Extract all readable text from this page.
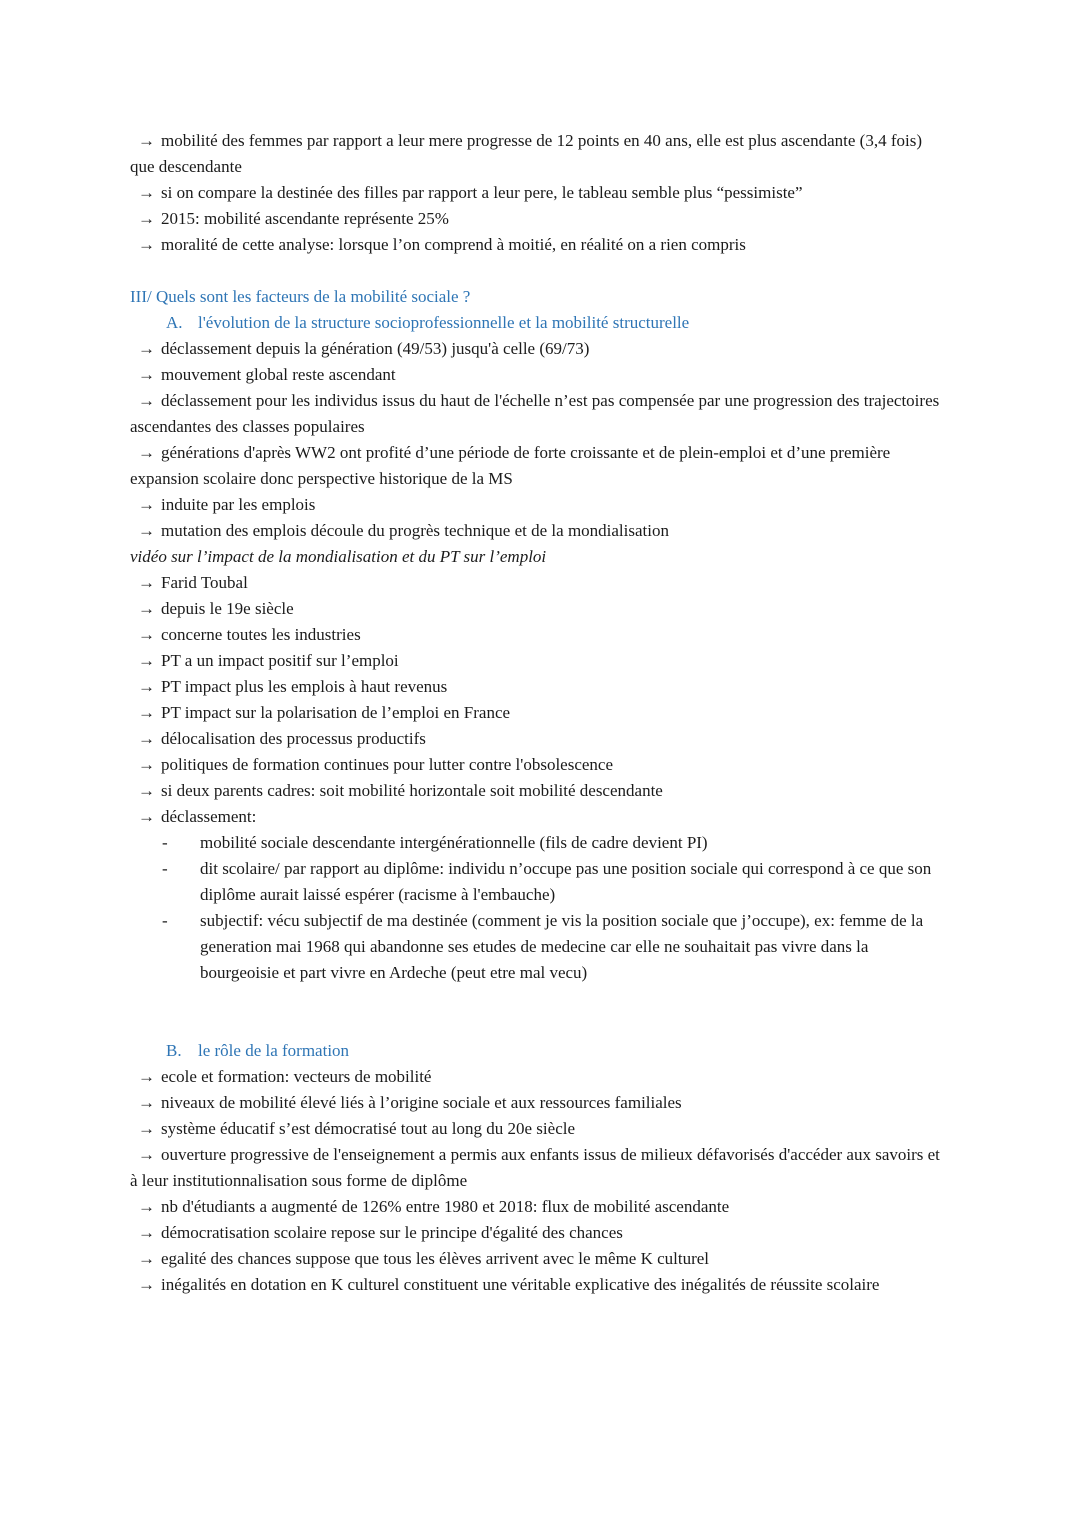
→ mobilité des femmes par rapport a leur mere progresse de 12 points en 40 ans, elle est plus ascendante (3,4 fois) que descendante

→ si on compare la destinée des filles par rapport a leur pere, le tableau semble plus “pessimiste”

→ 2015: mobilité ascendante représente 25%

→ moralité de cette analyse: lorsque l’on comprend à moitié, en réalité on a rien compris

III/ Quels sont les facteurs de la mobilité sociale ?

A. l'évolution de la structure socioprofessionnelle et la mobilité structurelle

→ déclassement depuis la génération (49/53) jusqu'à celle (69/73)

→ mouvement global reste ascendant

→ déclassement pour les individus issus du haut de l'échelle n’est pas compensée par une progression des trajectoires ascendantes des classes populaires

→ générations d'après WW2 ont profité d’une période de forte croissante et de plein-emploi et d’une première expansion scolaire donc perspective historique de la MS

→ induite par les emplois

→ mutation des emplois découle du progrès technique et de la mondialisation

vidéo sur l’impact de la mondialisation et du PT sur l’emploi

→ Farid Toubal

→ depuis le 19e siècle

→ concerne toutes les industries

→ PT a un impact positif sur l’emploi

→ PT impact plus les emplois à haut revenus

→ PT impact sur la polarisation de l’emploi en France

→ délocalisation des processus productifs

→ politiques de formation continues pour lutter contre l'obsolescence

→ si deux parents cadres: soit mobilité horizontale soit mobilité descendante

→ déclassement:

- mobilité sociale descendante intergénérationnelle (fils de cadre devient PI)

- dit scolaire/ par rapport au diplôme: individu n’occupe pas une position sociale qui correspond à ce que son diplôme aurait laissé espérer (racisme à l'embauche)

- subjectif: vécu subjectif de ma destinée (comment je vis la position sociale que j’occupe), ex: femme de la generation mai 1968 qui abandonne ses etudes de medecine car elle ne souhaitait pas vivre dans la bourgeoisie et part vivre en Ardeche (peut etre mal vecu)

B. le rôle de la formation

→ ecole et formation: vecteurs de mobilité

→ niveaux de mobilité élevé liés à l’origine sociale et aux ressources familiales

→ système éducatif s’est démocratisé tout au long du 20e siècle

→ ouverture progressive de l'enseignement a permis aux enfants issus de milieux défavorisés d'accéder aux savoirs et à leur institutionnalisation sous forme de diplôme

→ nb d'étudiants a augmenté de 126% entre 1980 et 2018: flux de mobilité ascendante

→ démocratisation scolaire repose sur le principe d'égalité des chances

→ egalité des chances suppose que tous les élèves arrivent avec le même K culturel

→ inégalités en dotation en K culturel constituent une véritable explicative des inégalités de réussite scolaire
